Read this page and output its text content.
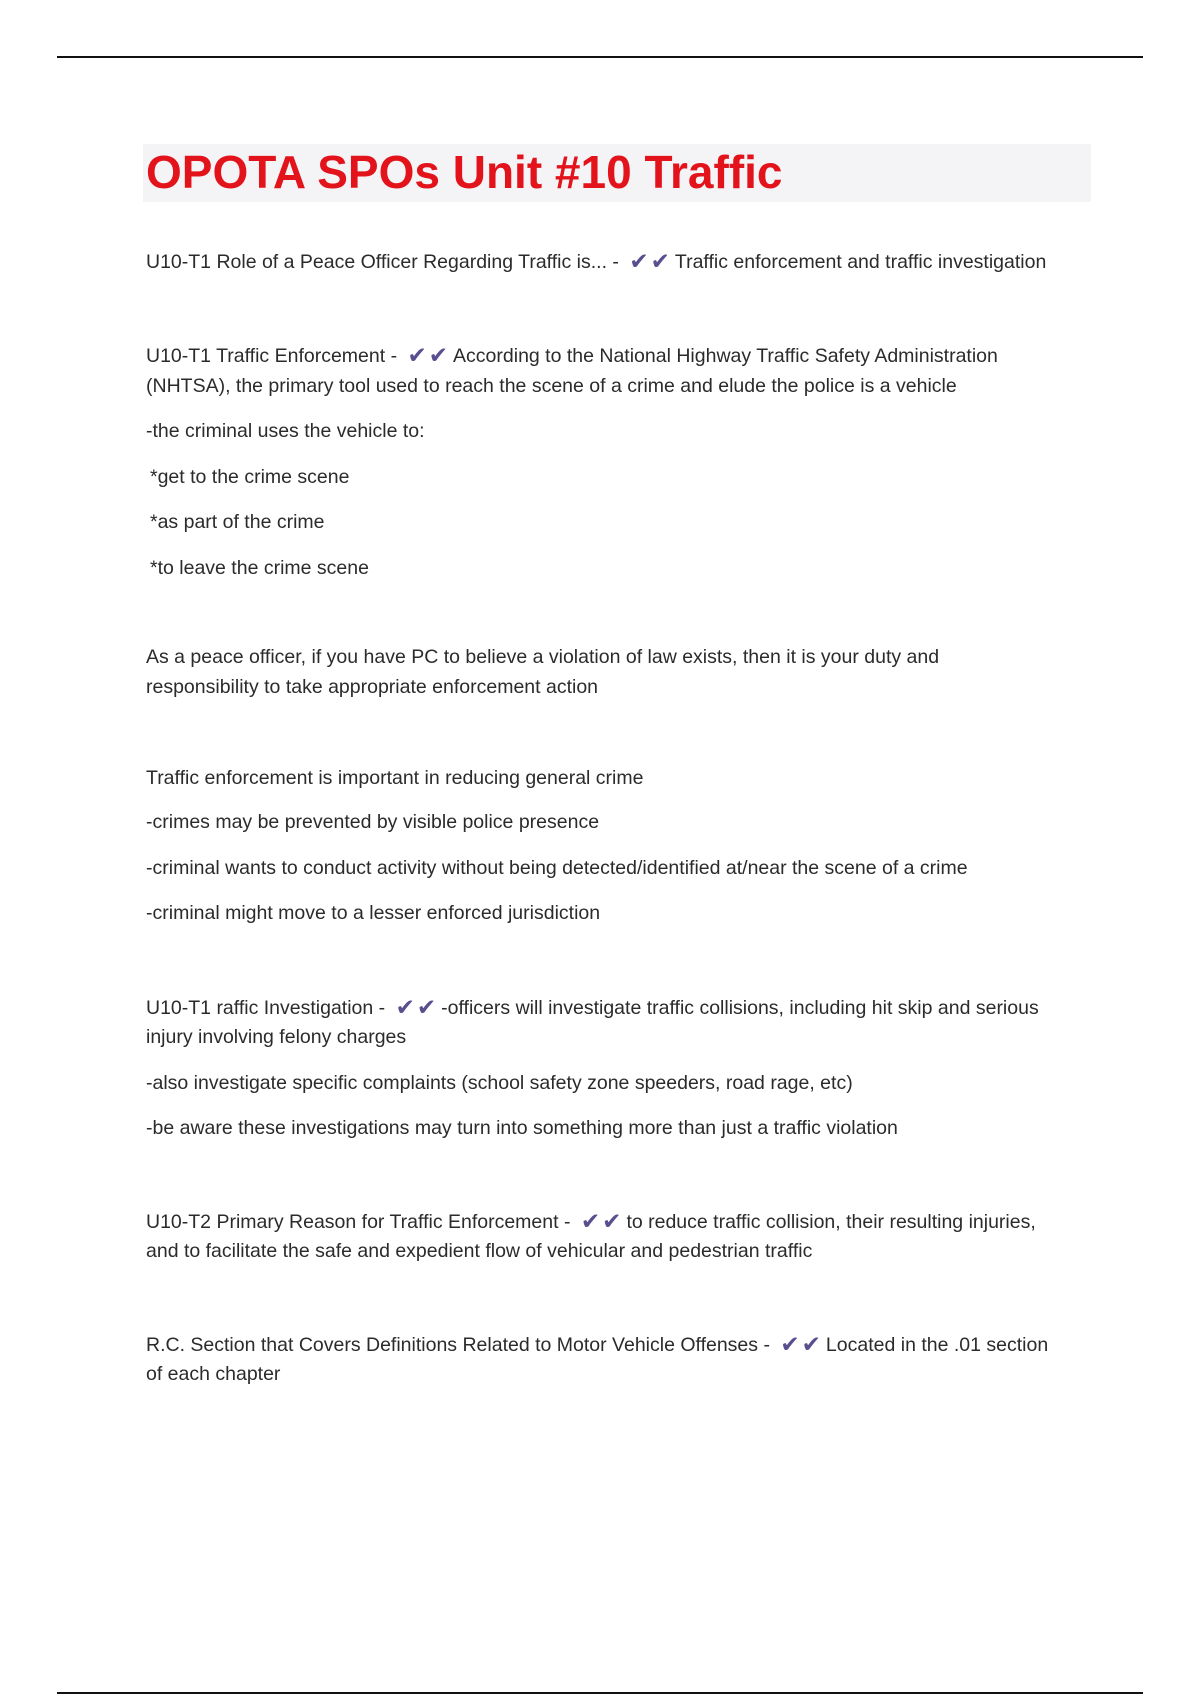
OPOTA SPOs Unit #10 Traffic
U10-T1 Role of a Peace Officer Regarding Traffic is... - ✔✔ Traffic enforcement and traffic investigation
U10-T1 Traffic Enforcement - ✔✔ According to the National Highway Traffic Safety Administration
(NHTSA), the primary tool used to reach the scene of a crime and elude the police is a vehicle
-the criminal uses the vehicle to:
*get to the crime scene
*as part of the crime
*to leave the crime scene
As a peace officer, if you have PC to believe a violation of law exists, then it is your duty and
responsibility to take appropriate enforcement action
Traffic enforcement is important in reducing general crime
-crimes may be prevented by visible police presence
-criminal wants to conduct activity without being detected/identified at/near the scene of a crime
-criminal might move to a lesser enforced jurisdiction
U10-T1 raffic Investigation - ✔✔ -officers will investigate traffic collisions, including hit skip and serious
injury involving felony charges
-also investigate specific complaints (school safety zone speeders, road rage, etc)
-be aware these investigations may turn into something more than just a traffic violation
U10-T2 Primary Reason for Traffic Enforcement - ✔✔ to reduce traffic collision, their resulting injuries,
and to facilitate the safe and expedient flow of vehicular and pedestrian traffic
R.C. Section that Covers Definitions Related to Motor Vehicle Offenses - ✔✔ Located in the .01 section
of each chapter
